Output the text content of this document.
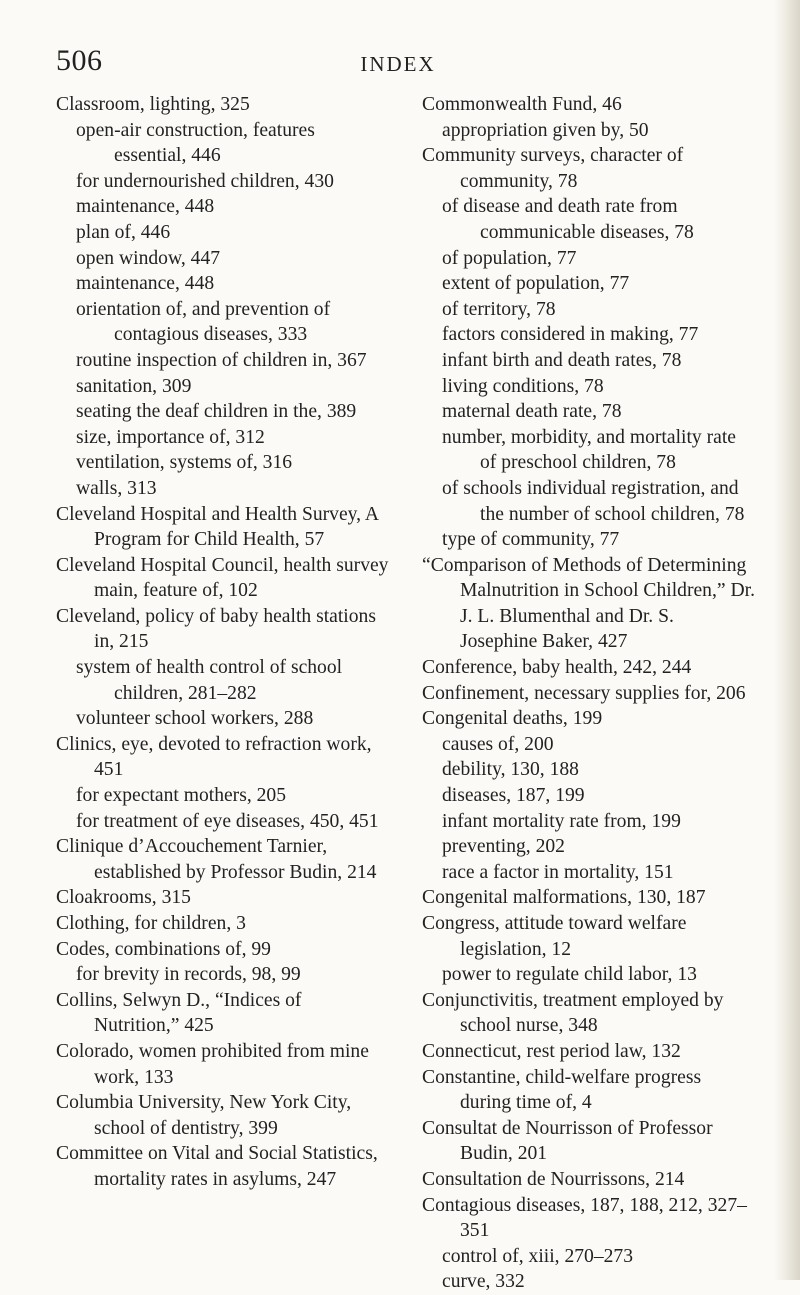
506	INDEX

Classroom, lighting, 325

open-air construction, features essential, 446

for undernourished children, 430

maintenance, 448

plan of, 446

open window, 447

maintenance, 448

orientation of, and prevention of contagious diseases, 333

routine inspection of children in, 367

sanitation, 309

seating the deaf children in the, 389

size, importance of, 312

ventilation, systems of, 316

walls, 313

Cleveland Hospital and Health Survey, A Program for Child Health, 57

Cleveland Hospital Council, health survey main, feature of, 102

Cleveland, policy of baby health stations in, 215

system of health control of school children, 281–282

volunteer school workers, 288

Clinics, eye, devoted to refraction work, 451

for expectant mothers, 205

for treatment of eye diseases, 450, 451

Clinique d’Accouchement Tarnier, established by Professor Budin, 214

Cloakrooms, 315

Clothing, for children, 3

Codes, combinations of, 99

for brevity in records, 98, 99

Collins, Selwyn D., “Indices of Nutrition,” 425

Colorado, women prohibited from mine work, 133

Columbia University, New York City, school of dentistry, 399

Committee on Vital and Social Statistics, mortality rates in asylums, 247

Commonwealth Fund, 46

appropriation given by, 50

Community surveys, character of community, 78

of disease and death rate from communicable diseases, 78

of population, 77

extent of population, 77

of territory, 78

factors considered in making, 77

infant birth and death rates, 78

living conditions, 78

maternal death rate, 78

number, morbidity, and mortality rate of preschool children, 78

of schools individual registration, and the number of school children, 78

type of community, 77

“Comparison of Methods of Determining Malnutrition in School Children,” Dr. J. L. Blumenthal and Dr. S. Josephine Baker, 427

Conference, baby health, 242, 244

Confinement, necessary supplies for, 206

Congenital deaths, 199

causes of, 200

debility, 130, 188

diseases, 187, 199

infant mortality rate from, 199

preventing, 202

race a factor in mortality, 151

Congenital malformations, 130, 187

Congress, attitude toward welfare legislation, 12

power to regulate child labor, 13

Conjunctivitis, treatment employed by school nurse, 348

Connecticut, rest period law, 132

Constantine, child-welfare progress during time of, 4

Consultat de Nourrisson of Professor Budin, 201

Consultation de Nourrissons, 214

Contagious diseases, 187, 188, 212, 327–351

control of, xiii, 270–273

curve, 332
